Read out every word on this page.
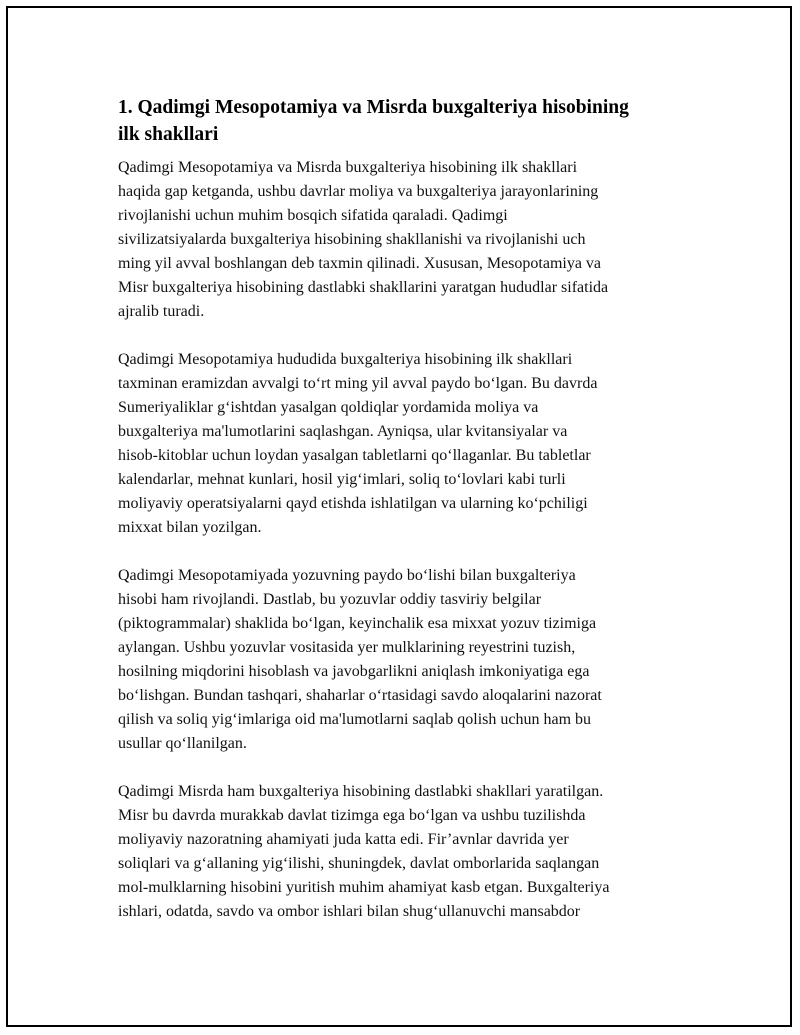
1. Qadimgi Mesopotamiya va Misrda buxgalteriya hisobining
ilk shakllari

Qadimgi Mesopotamiya va Misrda buxgalteriya hisobining ilk shakllari
haqida gap ketganda, ushbu davrlar moliya va buxgalteriya jarayonlarining
rivojlanishi uchun muhim bosqich sifatida qaraladi. Qadimgi
sivilizatsiyalarda buxgalteriya hisobining shakllanishi va rivojlanishi uch
ming yil avval boshlangan deb taxmin qilinadi. Xususan, Mesopotamiya va
Misr buxgalteriya hisobining dastlabki shakllarini yaratgan hududlar sifatida
ajralib turadi.

Qadimgi Mesopotamiya hududida buxgalteriya hisobining ilk shakllari
taxminan eramizdan avvalgi to‘rt ming yil avval paydo bo‘lgan. Bu davrda
Sumeriyaliklar g‘ishtdan yasalgan qoldiqlar yordamida moliya va
buxgalteriya ma'lumotlarini saqlashgan. Ayniqsa, ular kvitansiyalar va
hisob-kitoblar uchun loydan yasalgan tabletlarni qo‘llaganlar. Bu tabletlar
kalendarlar, mehnat kunlari, hosil yig‘imlari, soliq to‘lovlari kabi turli
moliyaviy operatsiyalarni qayd etishda ishlatilgan va ularning ko‘pchiligi
mixxat bilan yozilgan.

Qadimgi Mesopotamiyada yozuvning paydo bo‘lishi bilan buxgalteriya
hisobi ham rivojlandi. Dastlab, bu yozuvlar oddiy tasviriy belgilar
(piktogrammalar) shaklida bo‘lgan, keyinchalik esa mixxat yozuv tizimiga
aylangan. Ushbu yozuvlar vositasida yer mulklarining reyestrini tuzish,
hosilning miqdorini hisoblash va javobgarlikni aniqlash imkoniyatiga ega
bo‘lishgan. Bundan tashqari, shaharlar o‘rtasidagi savdo aloqalarini nazorat
qilish va soliq yig‘imlariga oid ma'lumotlarni saqlab qolish uchun ham bu
usullar qo‘llanilgan.

Qadimgi Misrda ham buxgalteriya hisobining dastlabki shakllari yaratilgan.
Misr bu davrda murakkab davlat tizimga ega bo‘lgan va ushbu tuzilishda
moliyaviy nazoratning ahamiyati juda katta edi. Fir’avnlar davrida yer
soliqlari va g‘allaning yig‘ilishi, shuningdek, davlat omborlarida saqlangan
mol-mulklarning hisobini yuritish muhim ahamiyat kasb etgan. Buxgalteriya
ishlari, odatda, savdo va ombor ishlari bilan shug‘ullanuvchi mansabdor
